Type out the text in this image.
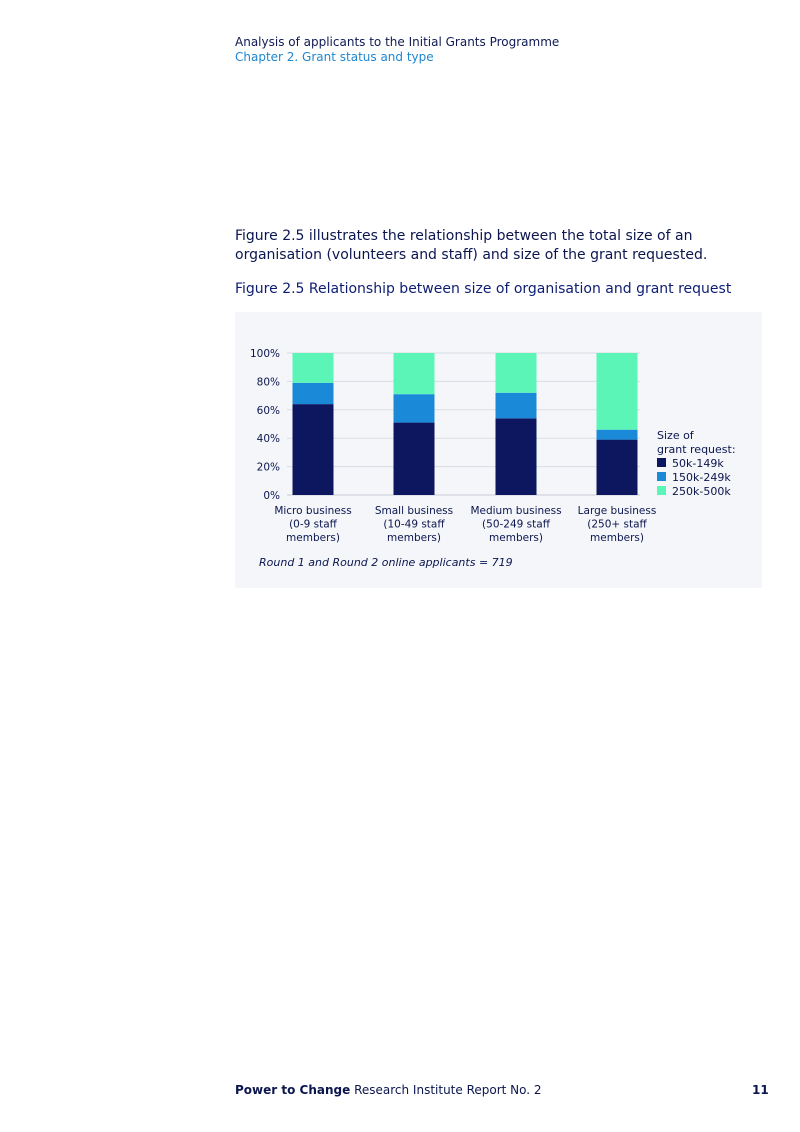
Analysis of applicants to the Initial Grants Programme
Chapter 2. Grant status and type
Figure 2.5 illustrates the relationship between the total size of an organisation (volunteers and staff) and size of the grant requested.
Figure 2.5 Relationship between size of organisation and grant request
0%
20%
40%
60%
80%
100%
Micro business
(0-9 staff
members)
Small business
(10-49 staff
members)
Medium business
(50-249 staff
members)
Large business
(250+ staff
members)
Size of
grant request:
50k-149k
150k-249k
250k-500k
Round 1 and Round 2 online applicants = 719
Power to Change Research Institute Report No. 2	11
